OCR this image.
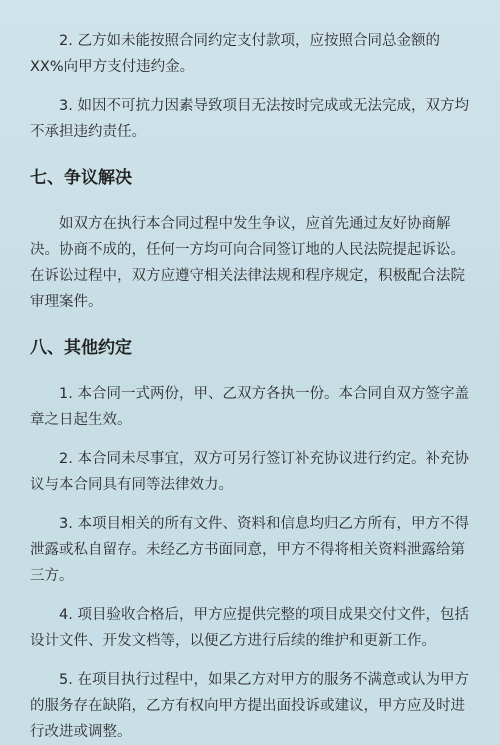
2. 乙方如未能按照合同约定支付款项，应按照合同总金额的 XX%向甲方支付违约金。

3. 如因不可抗力因素导致项目无法按时完成或无法完成，双方均不承担违约责任。

七、争议解决

如双方在执行本合同过程中发生争议，应首先通过友好协商解决。协商不成的，任何一方均可向合同签订地的人民法院提起诉讼。在诉讼过程中，双方应遵守相关法律法规和程序规定，积极配合法院审理案件。

八、其他约定

1. 本合同一式两份，甲、乙双方各执一份。本合同自双方签字盖章之日起生效。

2. 本合同未尽事宜，双方可另行签订补充协议进行约定。补充协议与本合同具有同等法律效力。

3. 本项目相关的所有文件、资料和信息均归乙方所有，甲方不得泄露或私自留存。未经乙方书面同意，甲方不得将相关资料泄露给第三方。

4. 项目验收合格后，甲方应提供完整的项目成果交付文件，包括设计文件、开发文档等，以便乙方进行后续的维护和更新工作。

5. 在项目执行过程中，如果乙方对甲方的服务不满意或认为甲方的服务存在缺陷，乙方有权向甲方提出面投诉或建议，甲方应及时进行改进或调整。
